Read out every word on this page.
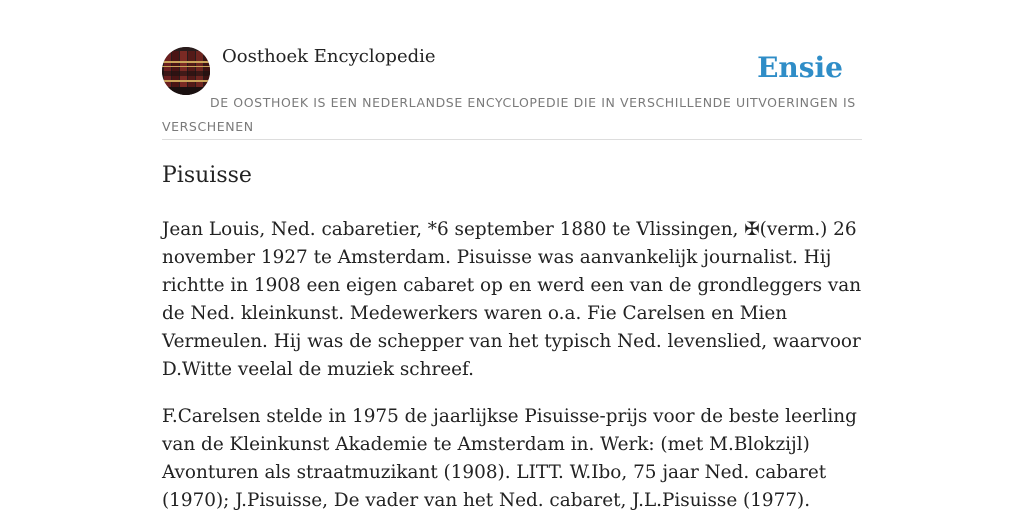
Oosthoek Encyclopedie	Ensie
DE OOSTHOEK IS EEN NEDERLANDSE ENCYCLOPEDIE DIE IN VERSCHILLENDE UITVOERINGEN IS VERSCHENEN
Pisuisse

Jean Louis, Ned. cabaretier, *6 september 1880 te Vlissingen, ✠(verm.) 26 november 1927 te Amsterdam. Pisuisse was aanvankelijk journalist. Hij richtte in 1908 een eigen cabaret op en werd een van de grondleggers van de Ned. kleinkunst. Medewerkers waren o.a. Fie Carelsen en Mien Vermeulen. Hij was de schepper van het typisch Ned. levenslied, waarvoor D.Witte veelal de muziek schreef.

F.Carelsen stelde in 1975 de jaarlijkse Pisuisse-prijs voor de beste leerling van de Kleinkunst Akademie te Amsterdam in. Werk: (met M.Blokzijl) Avonturen als straatmuzikant (1908). LITT. W.Ibo, 75 jaar Ned. cabaret (1970); J.Pisuisse, De vader van het Ned. cabaret, J.L.Pisuisse (1977).
